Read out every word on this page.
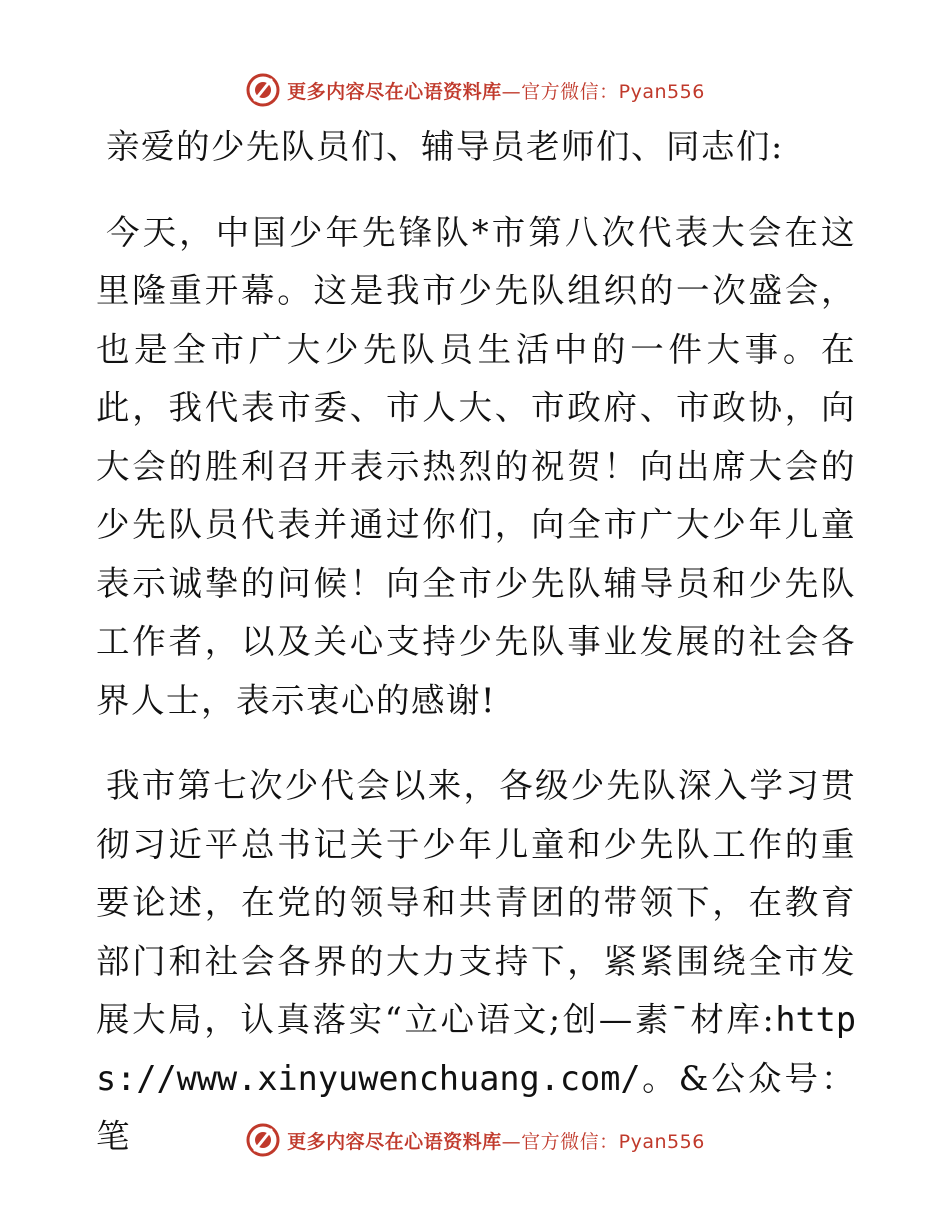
更多内容尽在心语资料库—官方微信：Pyan556

亲爱的少先队员们、辅导员老师们、同志们:

今天，中国少年先锋队*市第八次代表大会在这里隆重开幕。这是我市少先队组织的一次盛会，也是全市广大少先队员生活中的一件大事。在此，我代表市委、市人大、市政府、市政协，向大会的胜利召开表示热烈的祝贺！向出席大会的少先队员代表并通过你们，向全市广大少年儿童表示诚挚的问候！向全市少先队辅导员和少先队工作者，以及关心支持少先队事业发展的社会各界人士，表示衷心的感谢!

我市第七次少代会以来，各级少先队深入学习贯彻习近平总书记关于少年儿童和少先队工作的重要论述，在党的领导和共青团的带领下，在教育部门和社会各界的大力支持下，紧紧围绕全市发展大局，认真落实“立心语文;创—素¯材库:https://www.xinyuwenchuang.com/。&公众号：笔	更多内容尽在心语资料库—官方微信：Pyan556
